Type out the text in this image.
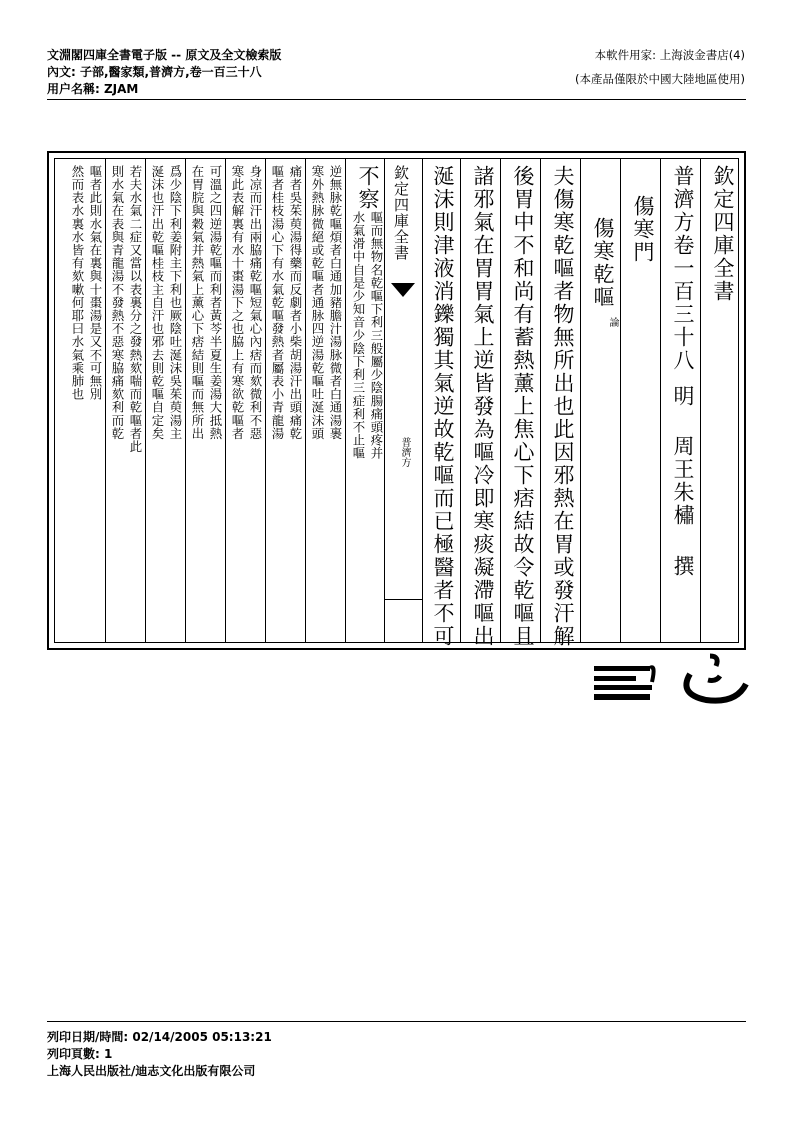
文淵閣四庫全書電子版 -- 原文及全文檢索版
內文: 子部,醫家類,普濟方,卷一百三十八
用户名稱: ZJAM
本軟件用家: 上海波金書店(4)
(本產品僅限於中國大陸地區使用)
欽定四庫全書
普濟方卷一百三十八
明
周王朱橚
撰
傷寒門
傷寒乾嘔
論
夫傷寒乾嘔者物無所出也此因邪熱在胃或發汗解
後胃中不和尚有蓄熱薰上焦心下痞結故令乾嘔且
諸邪氣在胃胃氣上逆皆發為嘔冷即寒痰凝滯嘔出
涎沫則津液消鑠獨其氣逆故乾嘔而已極醫者不可
欽定四庫全書
普濟方
不察
嘔而無物名乾嘔下利三般屬少陰腸痛頭疼并
水氣滑中自是少知音少陰下利三症利不止嘔
逆無脉乾嘔煩者白通加豬膽汁湯脉微者白通湯裹
寒外熱脉微絕或乾嘔者通脉四逆湯乾嘔吐涎沫頭
痛者吳茱萸湯得藥而反劇者小柴胡湯汗出頭痛乾
嘔者桂枝湯心下有水氣乾嘔發熱者屬表小青龍湯
身凉而汗出兩脇痛乾嘔短氣心內痞而欬微利不惡
寒此表解裏有水十棗湯下之也脇上有寒欲乾嘔者
可溫之四逆湯乾嘔而利者黃芩半夏生姜湯大抵熱
在胃脘與穀氣并熱氣上薰心下痞結則嘔而無所出
爲少陰下利姜附主下利也厥陰吐涎沫吳茱萸湯主
涎沫也汗出乾嘔桂枝主自汗也邪去則乾嘔自定矣
若夫水氣二症又當以表裏分之發熱欬喘而乾嘔者此
則水氣在表與青龍湯不發熱不惡寒脇痛欬利而乾
嘔者此則水氣在裏與十棗湯是又不可無別
然而表水裏水皆有欬嗽何耶曰水氣乘肺也
列印日期/時間: 02/14/2005 05:13:21
列印頁數: 1
上海人民出版社/迪志文化出版有限公司
